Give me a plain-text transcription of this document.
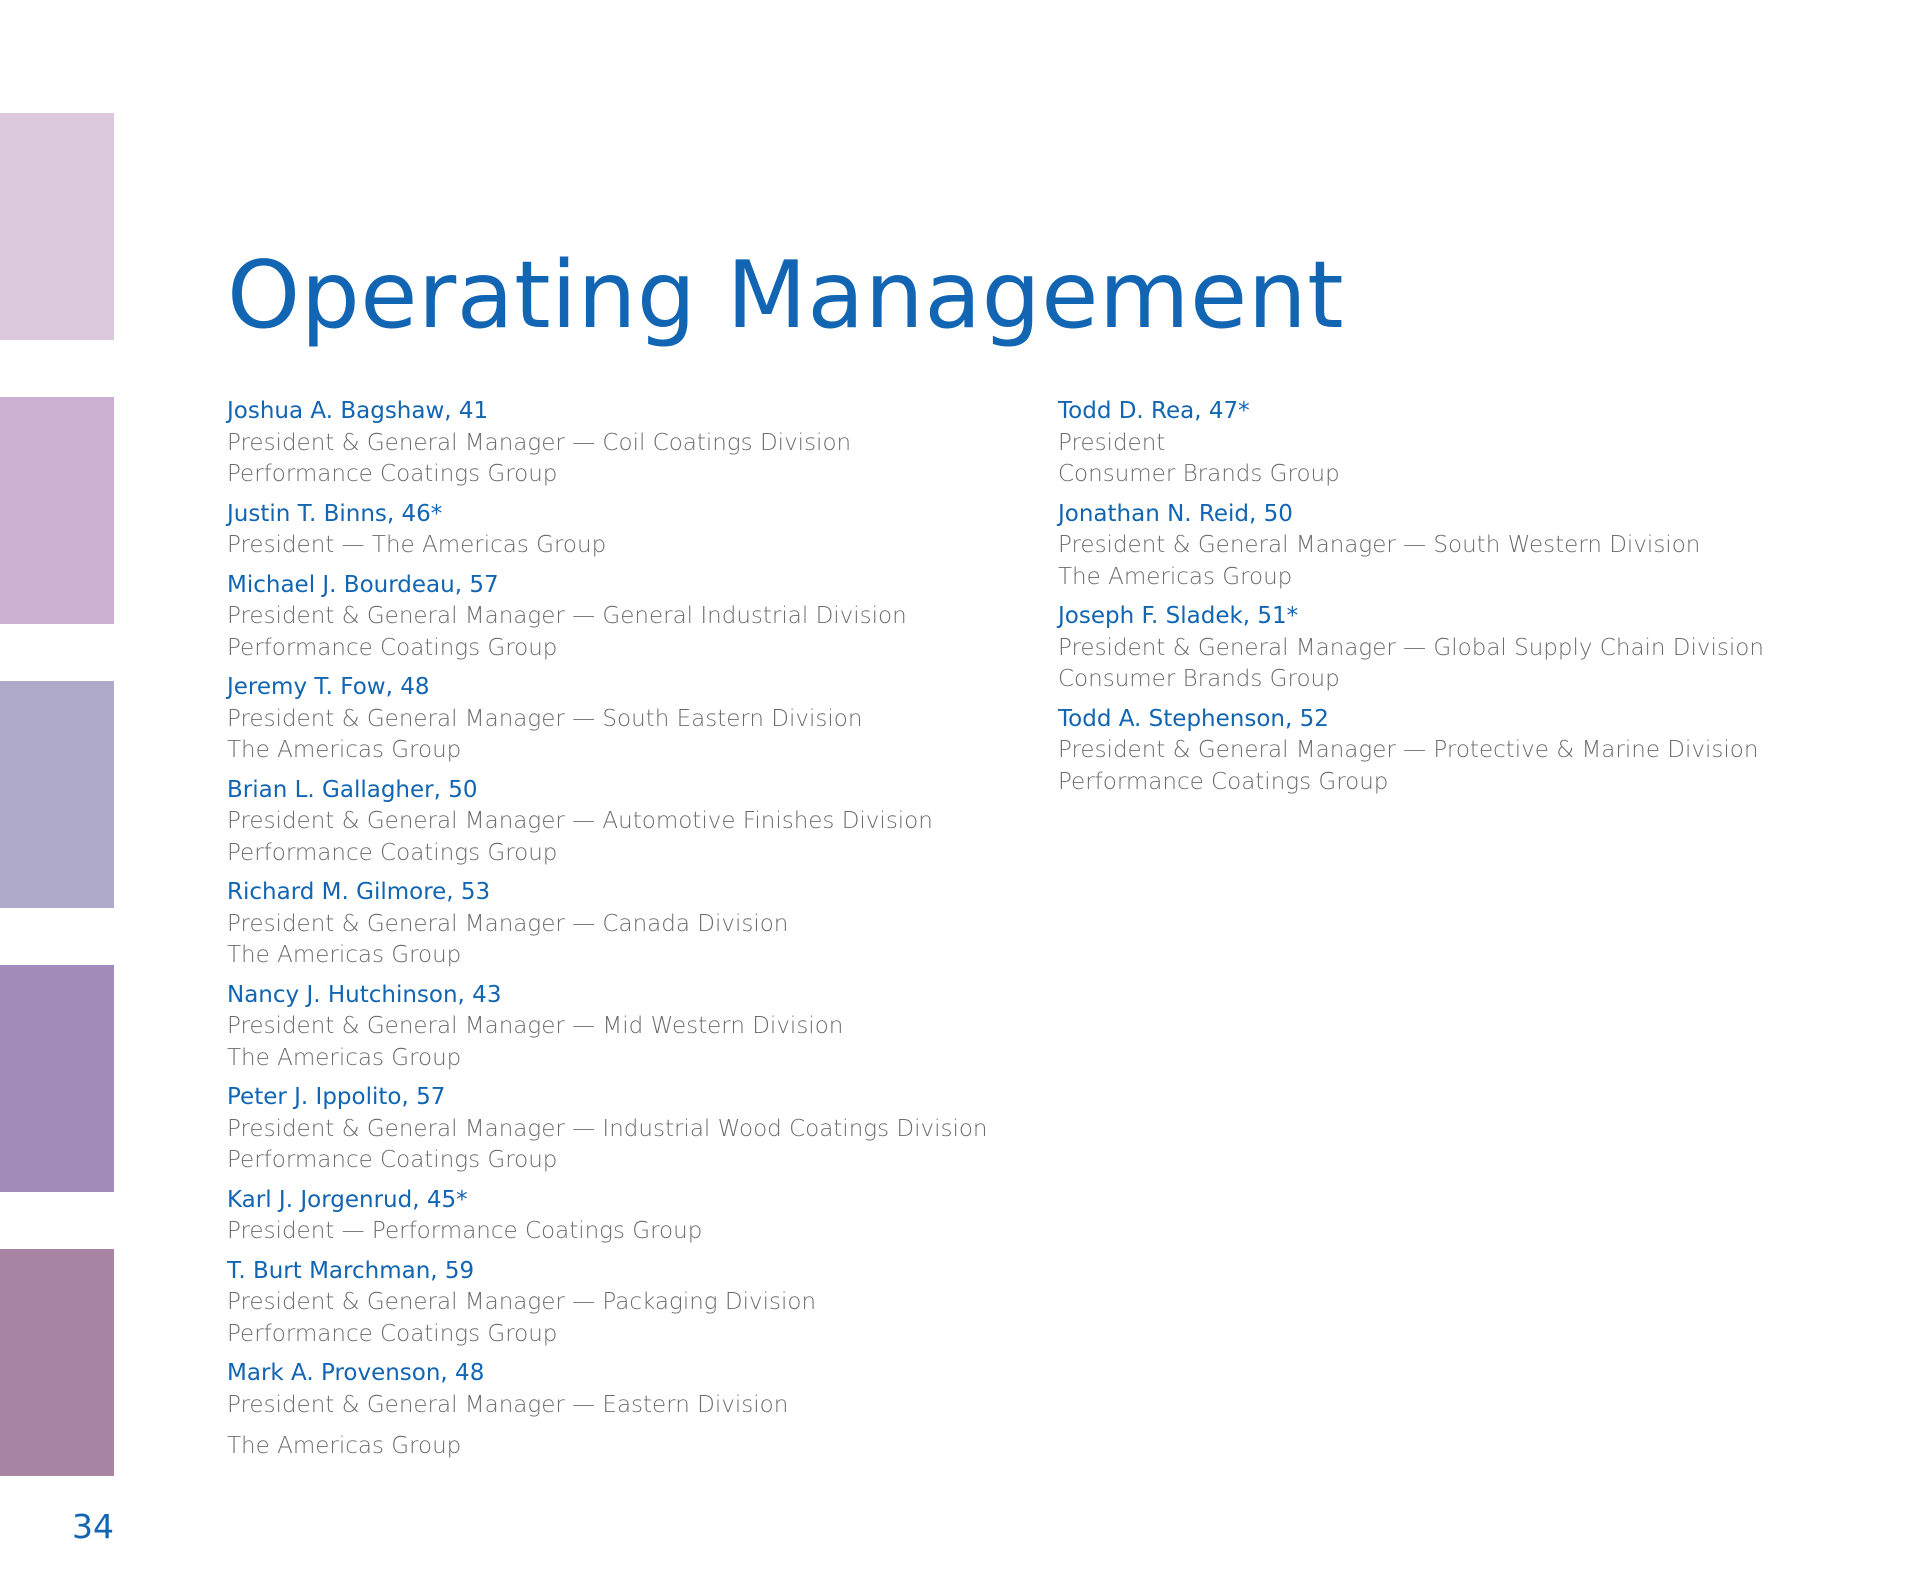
Operating Management
Joshua A. Bagshaw, 41
President & General Manager — Coil Coatings Division
Performance Coatings Group
Justin T. Binns, 46*
President — The Americas Group
Michael J. Bourdeau, 57
President & General Manager — General Industrial Division
Performance Coatings Group
Jeremy T. Fow, 48
President & General Manager — South Eastern Division
The Americas Group
Brian L. Gallagher, 50
President & General Manager — Automotive Finishes Division
Performance Coatings Group
Richard M. Gilmore, 53
President & General Manager — Canada Division
The Americas Group
Nancy J. Hutchinson, 43
President & General Manager — Mid Western Division
The Americas Group
Peter J. Ippolito, 57
President & General Manager — Industrial Wood Coatings Division
Performance Coatings Group
Karl J. Jorgenrud, 45*
President — Performance Coatings Group
T. Burt Marchman, 59
President & General Manager — Packaging Division
Performance Coatings Group
Mark A. Provenson, 48
President & General Manager — Eastern Division
The Americas Group
Todd D. Rea, 47*
President
Consumer Brands Group
Jonathan N. Reid, 50
President & General Manager — South Western Division
The Americas Group
Joseph F. Sladek, 51*
President & General Manager — Global Supply Chain Division
Consumer Brands Group
Todd A. Stephenson, 52
President & General Manager — Protective & Marine Division
Performance Coatings Group
34
